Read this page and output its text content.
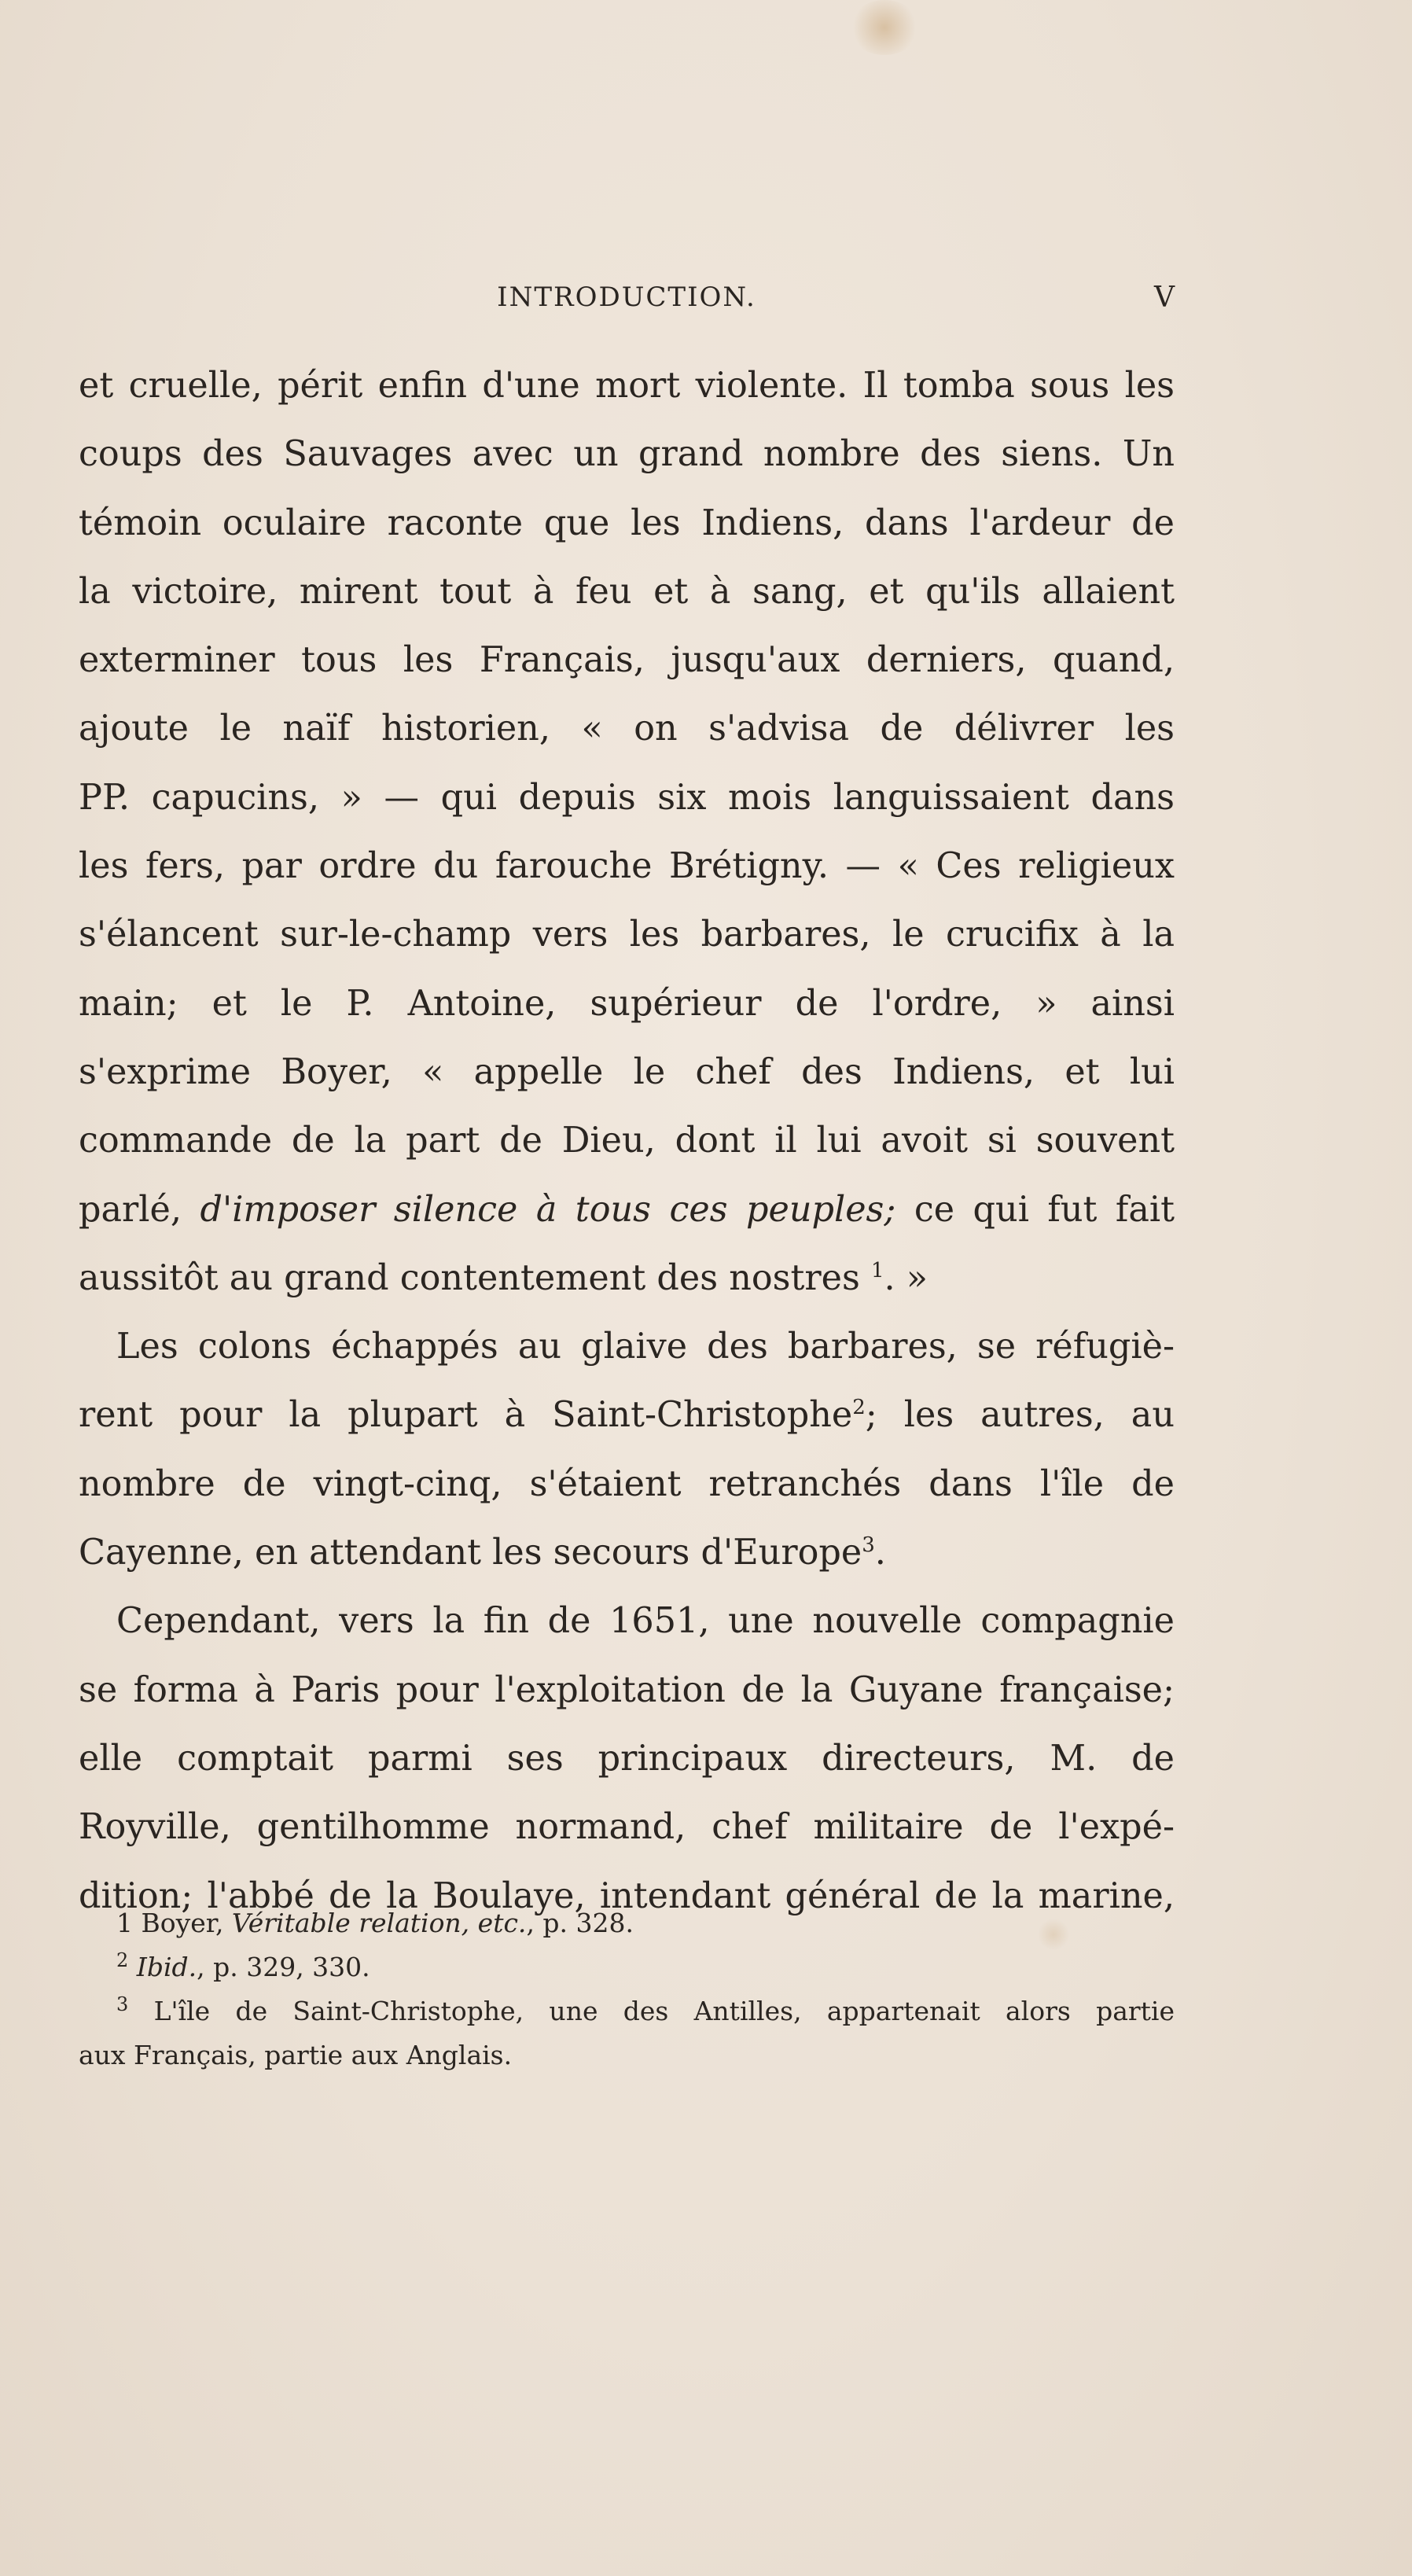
INTRODUCTION.	V
et cruelle, périt enfin d'une mort violente. Il tomba sous les
coups des Sauvages avec un grand nombre des siens. Un
témoin oculaire raconte que les Indiens, dans l'ardeur de
la victoire, mirent tout à feu et à sang, et qu'ils allaient
exterminer tous les Français, jusqu'aux derniers, quand,
ajoute le naïf historien, « on s'advisa de délivrer les
PP. capucins, » — qui depuis six mois languissaient dans
les fers, par ordre du farouche Brétigny. — « Ces religieux
s'élancent sur-le-champ vers les barbares, le crucifix à la
main; et le P. Antoine, supérieur de l'ordre, » ainsi
s'exprime Boyer, « appelle le chef des Indiens, et lui
commande de la part de Dieu, dont il lui avoit si souvent
parlé, d'imposer silence à tous ces peuples; ce qui fut fait
aussitôt au grand contentement des nostres $^1$. »
Les colons échappés au glaive des barbares, se réfugiè-
rent pour la plupart à Saint-Christophe$^2$; les autres, au
nombre de vingt-cinq, s'étaient retranchés dans l'île de
Cayenne, en attendant les secours d'Europe$^3$.
Cependant, vers la fin de 1651, une nouvelle compagnie
se forma à Paris pour l'exploitation de la Guyane française;
elle comptait parmi ses principaux directeurs, M. de
Royville, gentilhomme normand, chef militaire de l'expé-
dition; l'abbé de la Boulaye, intendant général de la marine,
1 Boyer, Véritable relation, etc., p. 328.
$^2$ Ibid., p. 329, 330.
$^3$ L'île de Saint-Christophe, une des Antilles, appartenait alors partie
aux Français, partie aux Anglais.
